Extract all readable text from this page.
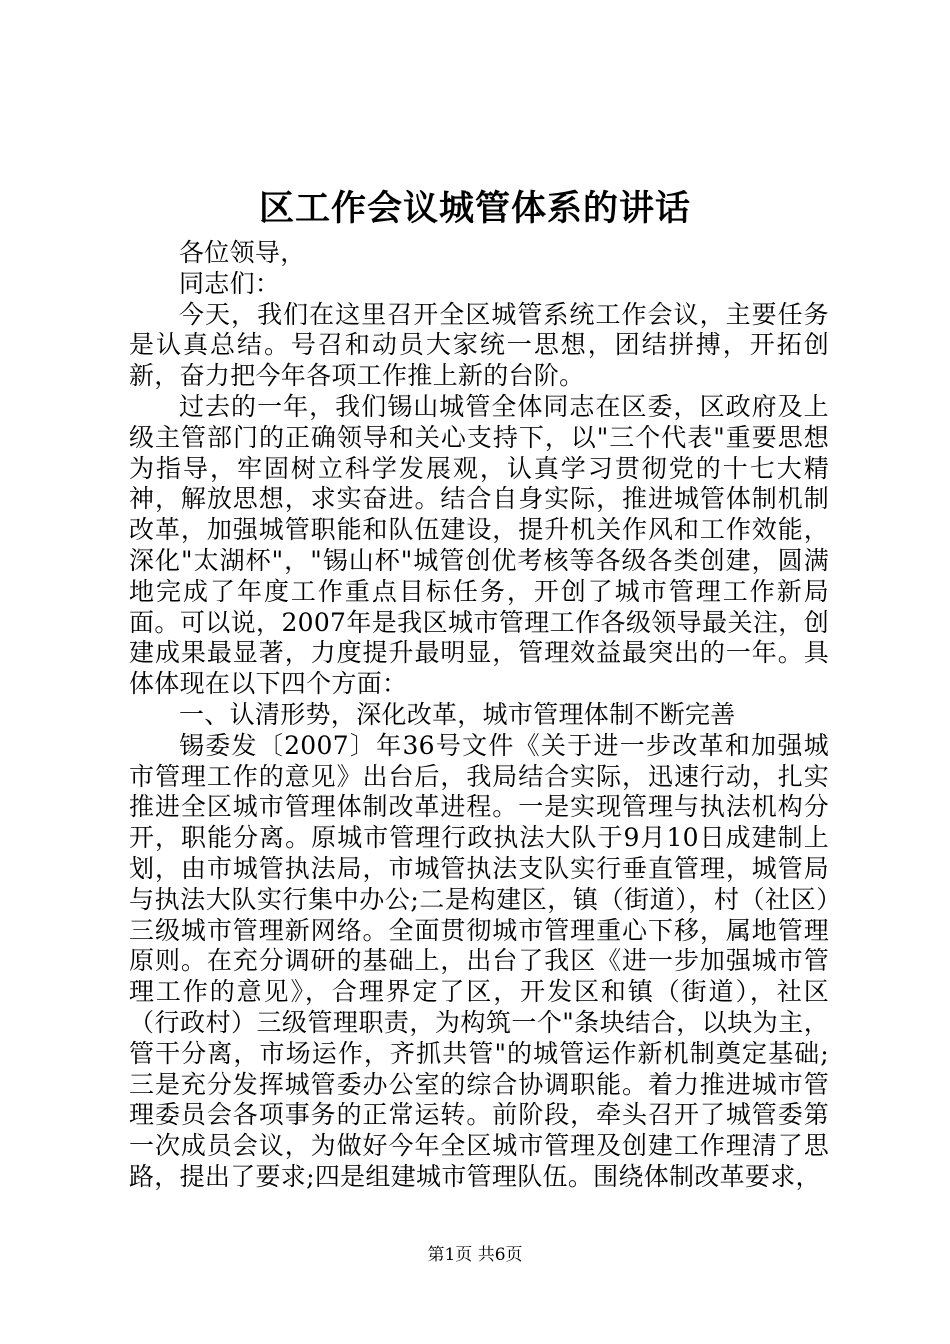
区工作会议城管体系的讲话

各位领导，

同志们：

今天，我们在这里召开全区城管系统工作会议，主要任务是认真总结。号召和动员大家统一思想，团结拼搏，开拓创新，奋力把今年各项工作推上新的台阶。

过去的一年，我们锡山城管全体同志在区委，区政府及上级主管部门的正确领导和关心支持下，以"三个代表"重要思想为指导，牢固树立科学发展观，认真学习贯彻党的十七大精神，解放思想，求实奋进。结合自身实际，推进城管体制机制改革，加强城管职能和队伍建设，提升机关作风和工作效能，深化"太湖杯"，"锡山杯"城管创优考核等各级各类创建，圆满地完成了年度工作重点目标任务，开创了城市管理工作新局面。可以说，2007年是我区城市管理工作各级领导最关注，创建成果最显著，力度提升最明显，管理效益最突出的一年。具体体现在以下四个方面：

一、认清形势，深化改革，城市管理体制不断完善

锡委发〔2007〕年36号文件《关于进一步改革和加强城市管理工作的意见》出台后，我局结合实际，迅速行动，扎实推进全区城市管理体制改革进程。一是实现管理与执法机构分开，职能分离。原城市管理行政执法大队于9月10日成建制上划，由市城管执法局，市城管执法支队实行垂直管理，城管局与执法大队实行集中办公;二是构建区，镇（街道），村（社区）三级城市管理新网络。全面贯彻城市管理重心下移，属地管理原则。在充分调研的基础上，出台了我区《进一步加强城市管理工作的意见》，合理界定了区，开发区和镇（街道），社区（行政村）三级管理职责，为构筑一个"条块结合，以块为主，管干分离，市场运作，齐抓共管"的城管运作新机制奠定基础;三是充分发挥城管委办公室的综合协调职能。着力推进城市管理委员会各项事务的正常运转。前阶段，牵头召开了城管委第一次成员会议，为做好今年全区城市管理及创建工作理清了思路，提出了要求;四是组建城市管理队伍。围绕体制改革要求，

第1页 共6页
